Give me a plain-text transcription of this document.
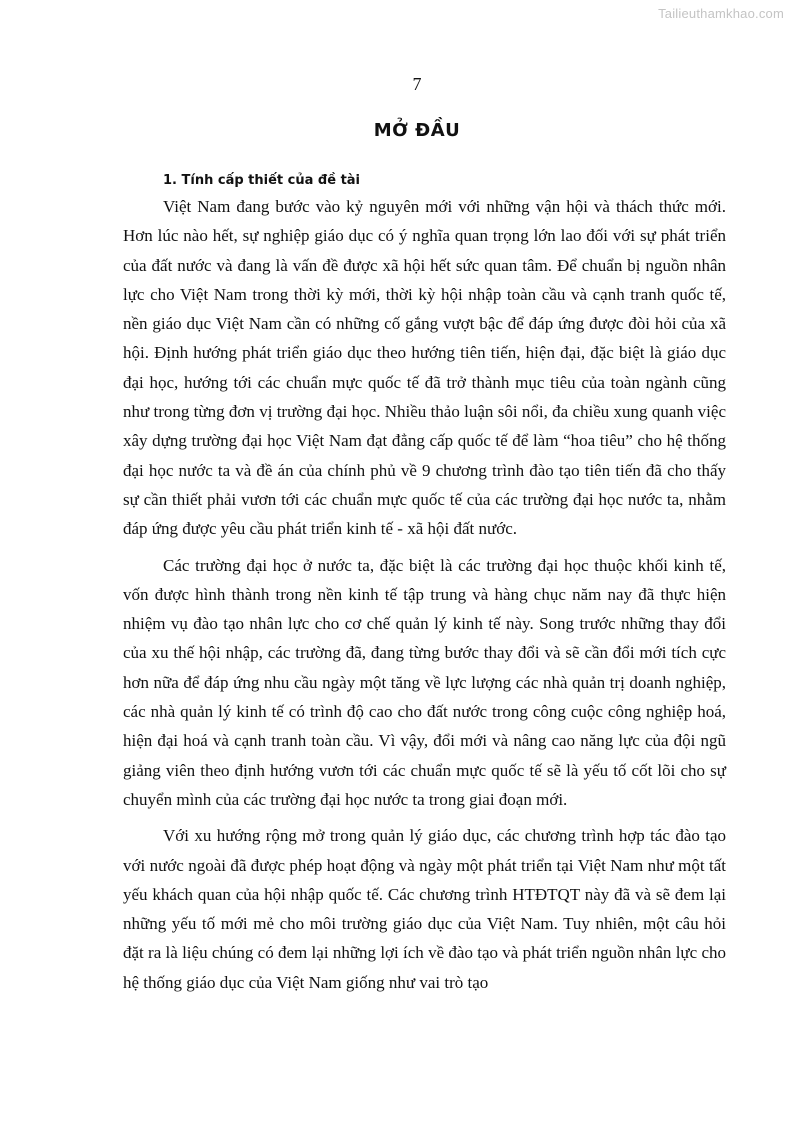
Tailieuthamkhao.com
7
MỞ ĐẦU
1. Tính cấp thiết của đề tài

Việt Nam đang bước vào kỷ nguyên mới với những vận hội và thách thức mới. Hơn lúc nào hết, sự nghiệp giáo dục có ý nghĩa quan trọng lớn lao đối với sự phát triển của đất nước và đang là vấn đề được xã hội hết sức quan tâm. Để chuẩn bị nguồn nhân lực cho Việt Nam trong thời kỳ mới, thời kỳ hội nhập toàn cầu và cạnh tranh quốc tế, nền giáo dục Việt Nam cần có những cố gắng vượt bậc để đáp ứng được đòi hỏi của xã hội. Định hướng phát triển giáo dục theo hướng tiên tiến, hiện đại, đặc biệt là giáo dục đại học, hướng tới các chuẩn mực quốc tế đã trở thành mục tiêu của toàn ngành cũng như trong từng đơn vị trường đại học. Nhiều thảo luận sôi nổi, đa chiều xung quanh việc xây dựng trường đại học Việt Nam đạt đẳng cấp quốc tế để làm “hoa tiêu” cho hệ thống đại học nước ta và đề án của chính phủ về 9 chương trình đào tạo tiên tiến đã cho thấy sự cần thiết phải vươn tới các chuẩn mực quốc tế của các trường đại học nước ta, nhằm đáp ứng được yêu cầu phát triển kinh tế - xã hội đất nước.

Các trường đại học ở nước ta, đặc biệt là các trường đại học thuộc khối kinh tế, vốn được hình thành trong nền kinh tế tập trung và hàng chục năm nay đã thực hiện nhiệm vụ đào tạo nhân lực cho cơ chế quản lý kinh tế này. Song trước những thay đổi của xu thế hội nhập, các trường đã, đang từng bước thay đổi và sẽ cần đổi mới tích cực hơn nữa để đáp ứng nhu cầu ngày một tăng về lực lượng các nhà quản trị doanh nghiệp, các nhà quản lý kinh tế có trình độ cao cho đất nước trong công cuộc công nghiệp hoá, hiện đại hoá và cạnh tranh toàn cầu. Vì vậy, đổi mới và nâng cao năng lực của đội ngũ giảng viên theo định hướng vươn tới các chuẩn mực quốc tế sẽ là yếu tố cốt lõi cho sự chuyển mình của các trường đại học nước ta trong giai đoạn mới.

Với xu hướng rộng mở trong quản lý giáo dục, các chương trình hợp tác đào tạo với nước ngoài đã được phép hoạt động và ngày một phát triển tại Việt Nam như một tất yếu khách quan của hội nhập quốc tế. Các chương trình HTĐTQT này đã và sẽ đem lại những yếu tố mới mẻ cho môi trường giáo dục của Việt Nam. Tuy nhiên, một câu hỏi đặt ra là liệu chúng có đem lại những lợi ích về đào tạo và phát triển nguồn nhân lực cho hệ thống giáo dục của Việt Nam giống như vai trò tạo
